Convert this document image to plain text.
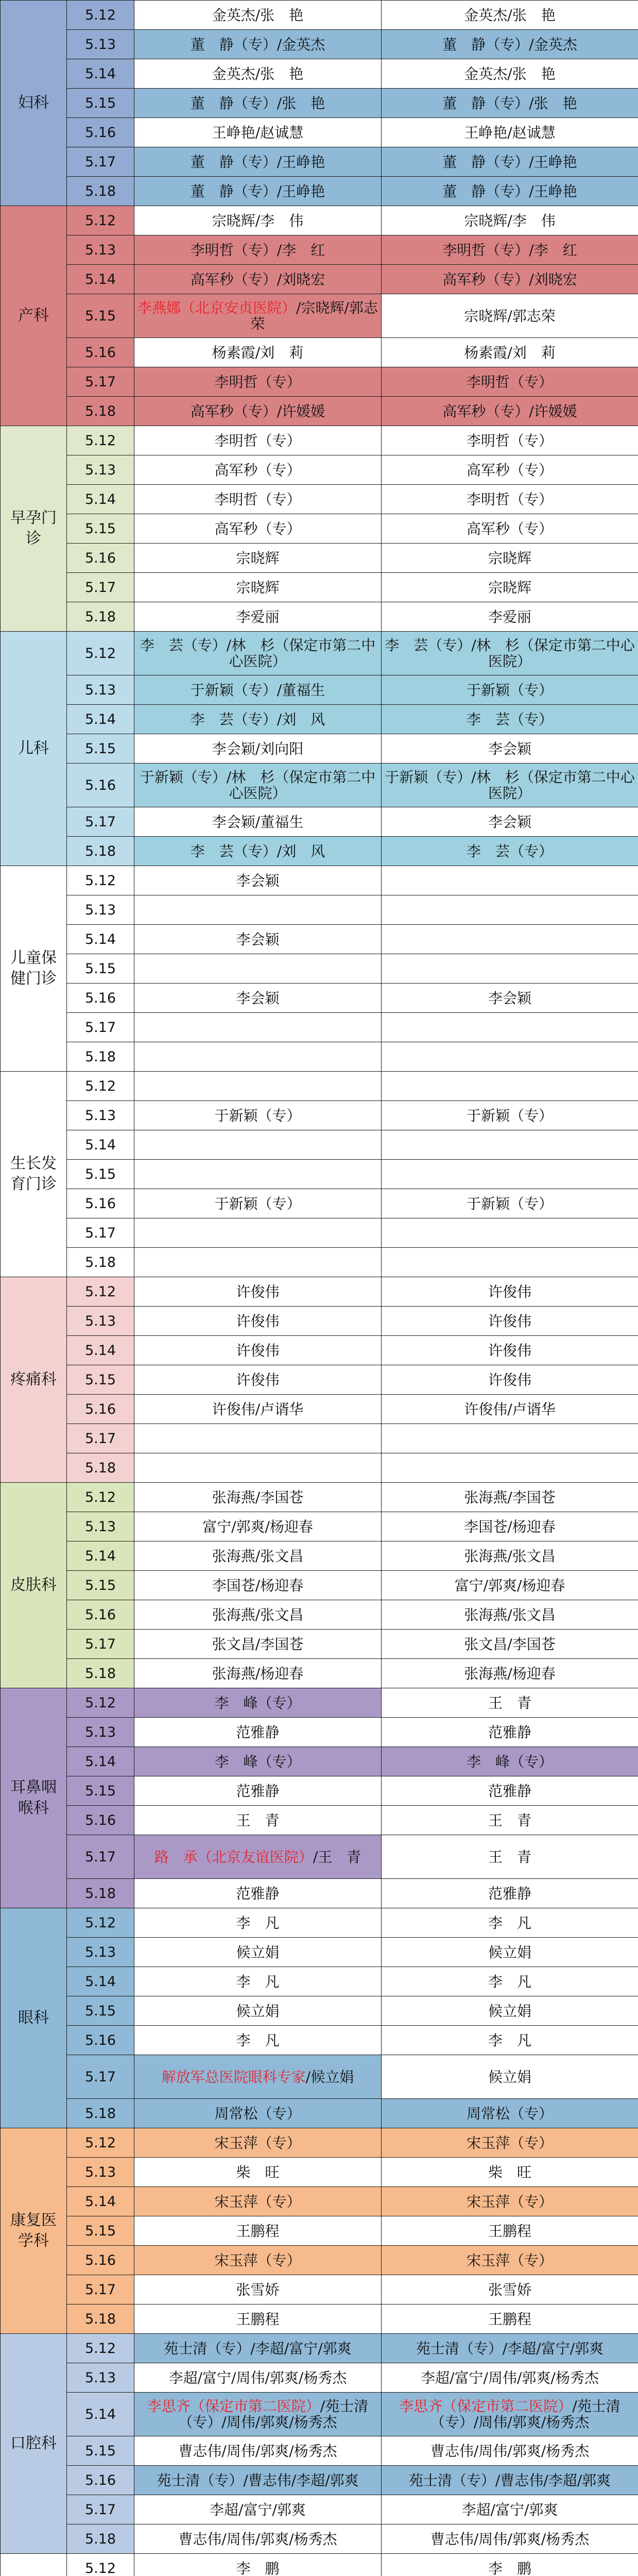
妇科	5.12	金英杰/张　艳	金英杰/张　艳
	5.13	董　静（专）/金英杰	董　静（专）/金英杰
	5.14	金英杰/张　艳	金英杰/张　艳
	5.15	董　静（专）/张　艳	董　静（专）/张　艳
	5.16	王峥艳/赵诚慧	王峥艳/赵诚慧
	5.17	董　静（专）/王峥艳	董　静（专）/王峥艳
	5.18	董　静（专）/王峥艳	董　静（专）/王峥艳
产科	5.12	宗晓辉/李　伟	宗晓辉/李　伟
	5.13	李明哲（专）/李　红	李明哲（专）/李　红
	5.14	高军秒（专）/刘晓宏	高军秒（专）/刘晓宏
	5.15	李燕娜（北京安贞医院）/宗晓辉/郭志荣	宗晓辉/郭志荣
	5.16	杨素霞/刘　莉	杨素霞/刘　莉
	5.17	李明哲（专）	李明哲（专）
	5.18	高军秒（专）/许媛媛	高军秒（专）/许媛媛
早孕门诊	5.12	李明哲（专）	李明哲（专）
	5.13	高军秒（专）	高军秒（专）
	5.14	李明哲（专）	李明哲（专）
	5.15	高军秒（专）	高军秒（专）
	5.16	宗晓辉	宗晓辉
	5.17	宗晓辉	宗晓辉
	5.18	李爱丽	李爱丽
儿科	5.12	李　芸（专）/林　杉（保定市第二中心医院）	李　芸（专）/林　杉（保定市第二中心医院）
	5.13	于新颖（专）/董福生	于新颖（专）
	5.14	李　芸（专）/刘　风	李　芸（专）
	5.15	李会颖/刘向阳	李会颖
	5.16	于新颖（专）/林　杉（保定市第二中心医院）	于新颖（专）/林　杉（保定市第二中心医院）
	5.17	李会颖/董福生	李会颖
	5.18	李　芸（专）/刘　风	李　芸（专）
儿童保健门诊	5.12	李会颖	
	5.13		
	5.14	李会颖	
	5.15		
	5.16	李会颖	李会颖
	5.17		
	5.18		
生长发育门诊	5.12		
	5.13	于新颖（专）	于新颖（专）
	5.14		
	5.15		
	5.16	于新颖（专）	于新颖（专）
	5.17		
	5.18		
疼痛科	5.12	许俊伟	许俊伟
	5.13	许俊伟	许俊伟
	5.14	许俊伟	许俊伟
	5.15	许俊伟	许俊伟
	5.16	许俊伟/卢谞华	许俊伟/卢谞华
	5.17		
	5.18		
皮肤科	5.12	张海燕/李国苍	张海燕/李国苍
	5.13	富宁/郭爽/杨迎春	李国苍/杨迎春
	5.14	张海燕/张文昌	张海燕/张文昌
	5.15	李国苍/杨迎春	富宁/郭爽/杨迎春
	5.16	张海燕/张文昌	张海燕/张文昌
	5.17	张文昌/李国苍	张文昌/李国苍
	5.18	张海燕/杨迎春	张海燕/杨迎春
耳鼻咽喉科	5.12	李　峰（专）	王　青
	5.13	范雅静	范雅静
	5.14	李　峰（专）	李　峰（专）
	5.15	范雅静	范雅静
	5.16	王　青	王　青
	5.17	路　承（北京友谊医院）/王　青	王　青
	5.18	范雅静	范雅静
眼科	5.12	李　凡	李　凡
	5.13	候立娟	候立娟
	5.14	李　凡	李　凡
	5.15	候立娟	候立娟
	5.16	李　凡	李　凡
	5.17	解放军总医院眼科专家/候立娟	候立娟
	5.18	周常松（专）	周常松（专）
康复医学科	5.12	宋玉萍（专）	宋玉萍（专）
	5.13	柴　旺	柴　旺
	5.14	宋玉萍（专）	宋玉萍（专）
	5.15	王鹏程	王鹏程
	5.16	宋玉萍（专）	宋玉萍（专）
	5.17	张雪娇	张雪娇
	5.18	王鹏程	王鹏程
口腔科	5.12	苑士清（专）/李超/富宁/郭爽	苑士清（专）/李超/富宁/郭爽
	5.13	李超/富宁/周伟/郭爽/杨秀杰	李超/富宁/周伟/郭爽/杨秀杰
	5.14	李思齐（保定市第二医院）/苑士清（专）/周伟/郭爽/杨秀杰	李思齐（保定市第二医院）/苑士清（专）/周伟/郭爽/杨秀杰
	5.15	曹志伟/周伟/郭爽/杨秀杰	曹志伟/周伟/郭爽/杨秀杰
	5.16	苑士清（专）/曹志伟/李超/郭爽	苑士清（专）/曹志伟/李超/郭爽
	5.17	李超/富宁/郭爽	李超/富宁/郭爽
	5.18	曹志伟/周伟/郭爽/杨秀杰	曹志伟/周伟/郭爽/杨秀杰
	5.12	李　鹏	李　鹏
